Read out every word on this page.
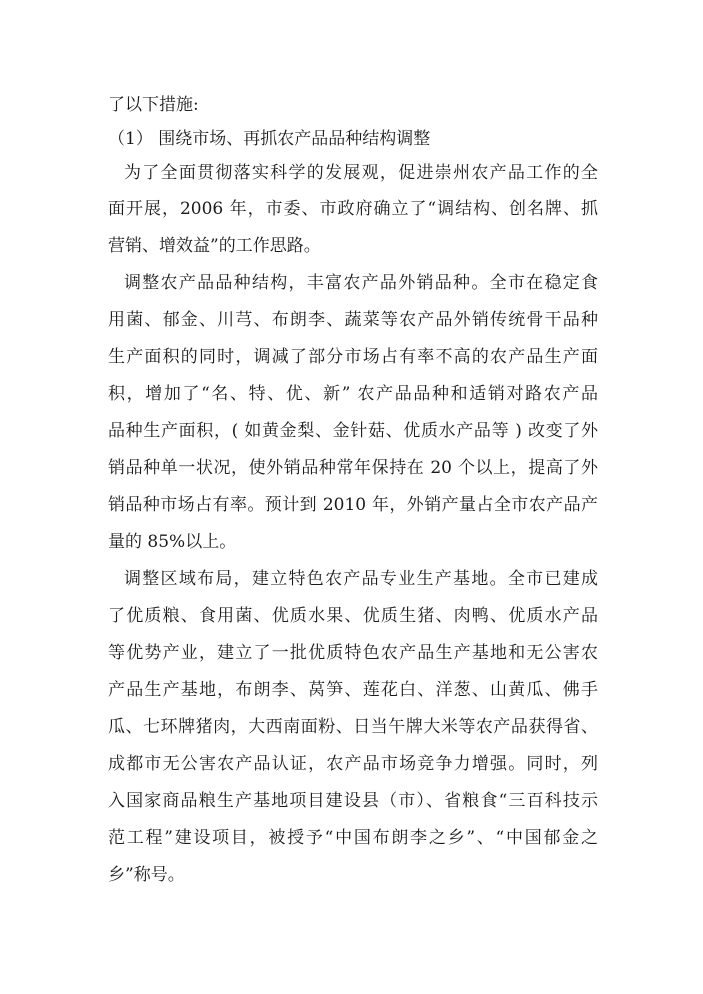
了以下措施:
（1） 围绕市场、再抓农产品品种结构调整
为了全面贯彻落实科学的发展观，促进崇州农产品工作的全
面开展，2006 年，市委、市政府确立了“调结构、创名牌、抓
营销、增效益”的工作思路。
调整农产品品种结构，丰富农产品外销品种。全市在稳定食
用菌、郁金、川芎、布朗李、蔬菜等农产品外销传统骨干品种
生产面积的同时，调减了部分市场占有率不高的农产品生产面
积，增加了“名、特、优、新” 农产品品种和适销对路农产品
品种生产面积，( 如黄金梨、金针菇、优质水产品等 ) 改变了外
销品种单一状况，使外销品种常年保持在 20 个以上，提高了外
销品种市场占有率。预计到 2010 年，外销产量占全市农产品产
量的 85%以上。
调整区域布局，建立特色农产品专业生产基地。全市已建成
了优质粮、食用菌、优质水果、优质生猪、肉鸭、优质水产品
等优势产业，建立了一批优质特色农产品生产基地和无公害农
产品生产基地，布朗李、莴笋、莲花白、洋葱、山黄瓜、佛手
瓜、七环牌猪肉，大西南面粉、日当午牌大米等农产品获得省、
成都市无公害农产品认证，农产品市场竞争力增强。同时，列
入国家商品粮生产基地项目建设县（市）、省粮食“三百科技示
范工程”建设项目，被授予“中国布朗李之乡”、“中国郁金之
乡”称号。
